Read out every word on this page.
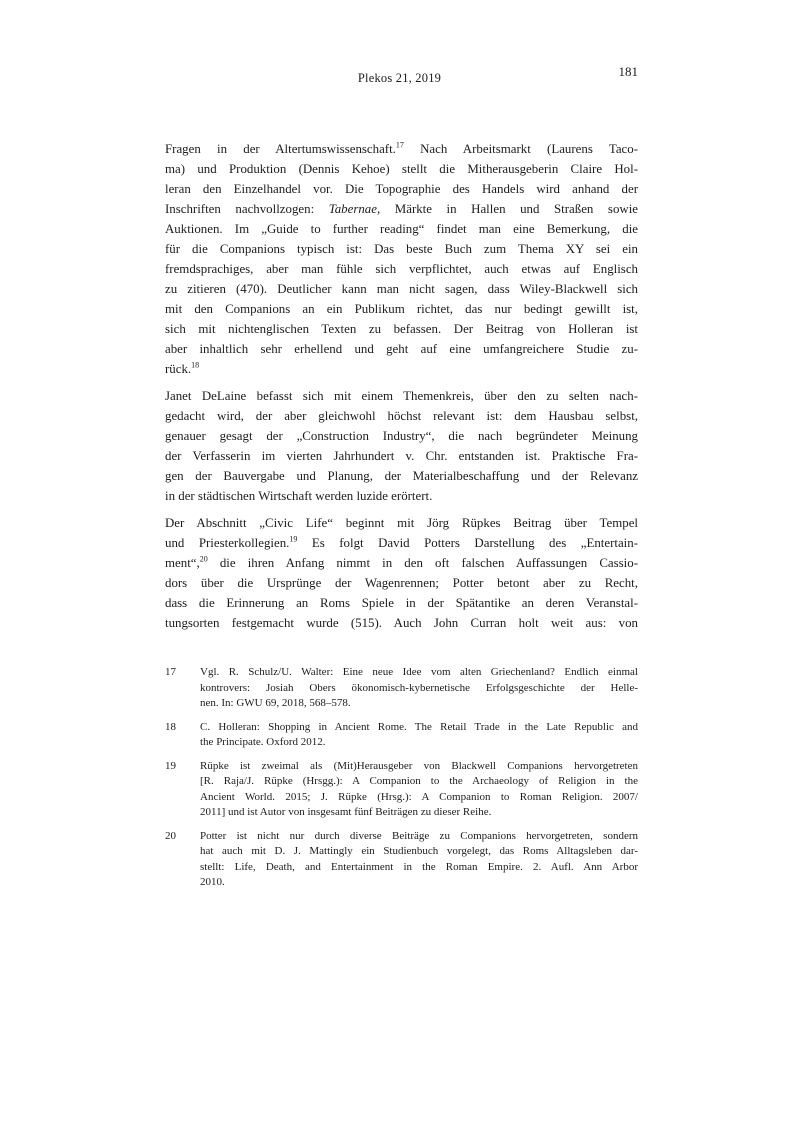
Plekos 21, 2019	181
Fragen in der Altertumswissenschaft.$^{17}$ Nach Arbeitsmarkt (Laurens Taco-
ma) und Produktion (Dennis Kehoe) stellt die Mitherausgeberin Claire Hol-
leran den Einzelhandel vor. Die Topographie des Handels wird anhand der
Inschriften nachvollzogen: Tabernae, Märkte in Hallen und Straßen sowie
Auktionen. Im „Guide to further reading“ findet man eine Bemerkung, die
für die Companions typisch ist: Das beste Buch zum Thema XY sei ein
fremdsprachiges, aber man fühle sich verpflichtet, auch etwas auf Englisch
zu zitieren (470). Deutlicher kann man nicht sagen, dass Wiley-Blackwell sich
mit den Companions an ein Publikum richtet, das nur bedingt gewillt ist,
sich mit nichtenglischen Texten zu befassen. Der Beitrag von Holleran ist
aber inhaltlich sehr erhellend und geht auf eine umfangreichere Studie zu-
rück.$^{18}$
Janet DeLaine befasst sich mit einem Themenkreis, über den zu selten nach-
gedacht wird, der aber gleichwohl höchst relevant ist: dem Hausbau selbst,
genauer gesagt der „Construction Industry“, die nach begründeter Meinung
der Verfasserin im vierten Jahrhundert v. Chr. entstanden ist. Praktische Fra-
gen der Bauvergabe und Planung, der Materialbeschaffung und der Relevanz
in der städtischen Wirtschaft werden luzide erörtert.
Der Abschnitt „Civic Life“ beginnt mit Jörg Rüpkes Beitrag über Tempel
und Priesterkollegien.$^{19}$ Es folgt David Potters Darstellung des „Entertain-
ment“,$^{20}$ die ihren Anfang nimmt in den oft falschen Auffassungen Cassio-
dors über die Ursprünge der Wagenrennen; Potter betont aber zu Recht,
dass die Erinnerung an Roms Spiele in der Spätantike an deren Veranstal-
tungsorten festgemacht wurde (515). Auch John Curran holt weit aus: von
17	Vgl. R. Schulz/U. Walter: Eine neue Idee vom alten Griechenland? Endlich einmal
kontrovers: Josiah Obers ökonomisch-kybernetische Erfolgsgeschichte der Helle-
nen. In: GWU 69, 2018, 568–578.
18	C. Holleran: Shopping in Ancient Rome. The Retail Trade in the Late Republic and
the Principate. Oxford 2012.
19	Rüpke ist zweimal als (Mit)Herausgeber von Blackwell Companions hervorgetreten
[R. Raja/J. Rüpke (Hrsgg.): A Companion to the Archaeology of Religion in the
Ancient World. 2015; J. Rüpke (Hrsg.): A Companion to Roman Religion. 2007/
2011] und ist Autor von insgesamt fünf Beiträgen zu dieser Reihe.
20	Potter ist nicht nur durch diverse Beiträge zu Companions hervorgetreten, sondern
hat auch mit D. J. Mattingly ein Studienbuch vorgelegt, das Roms Alltagsleben dar-
stellt: Life, Death, and Entertainment in the Roman Empire. 2. Aufl. Ann Arbor
2010.
